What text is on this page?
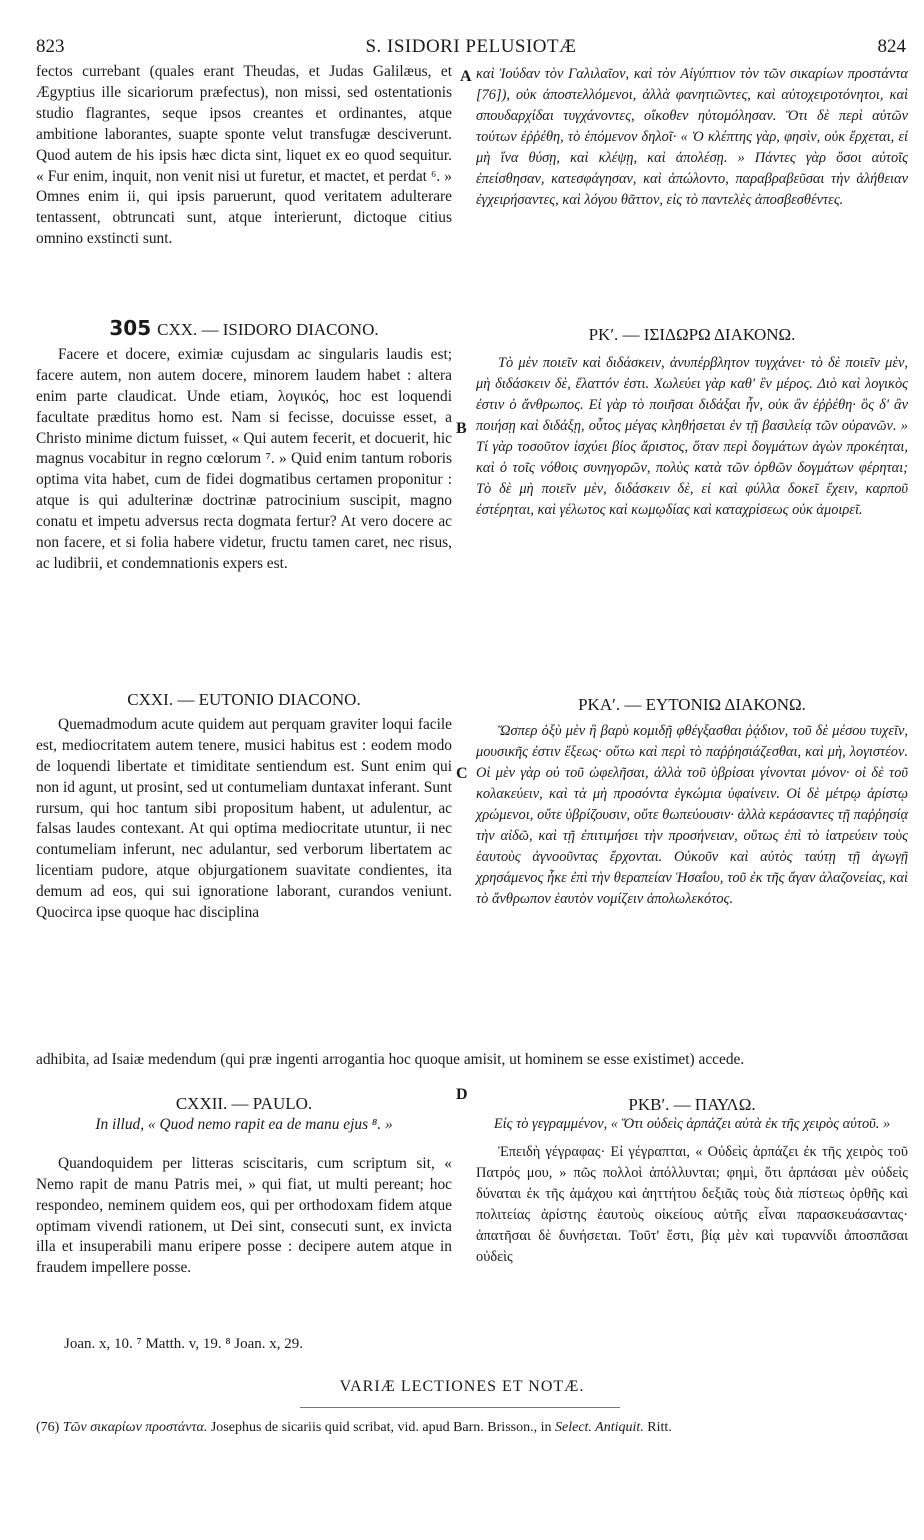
823	S. ISIDORI PELUSIOTÆ	824
A
B
C
D

fectos currebant (quales erant Theudas, et Judas Galilæus, et Ægyptius ille sicariorum præfectus), non missi, sed ostentationis studio flagrantes, seque ipsos creantes et ordinantes, atque ambitione laborantes, suapte sponte velut transfugæ desciverunt. Quod autem de his ipsis hæc dicta sint, liquet ex eo quod sequitur. « Fur enim, inquit, non venit nisi ut furetur, et mactet, et perdat ⁶. » Omnes enim ii, qui ipsis paruerunt, quod veritatem adulterare tentassent, obtruncati sunt, atque interierunt, dictoque citius omnino exstincti sunt.

καὶ Ἰούδαν τὸν Γαλιλαῖον, καὶ τὸν Αἰγύπτιον τὸν τῶν σικαρίων προστάντα [76]), οὐκ ἀποστελλόμενοι, ἀλλὰ φανητιῶντες, καὶ αὐτοχειροτόνητοι, καὶ σπουδαρχίδαι τυγχάνοντες, οἴκοθεν ηὐτομόλησαν. Ὅτι δὲ περὶ αὐτῶν τούτων ἐῤῥέθη, τὸ ἑπόμενον δηλοῖ· « Ὁ κλέπτης γὰρ, φησὶν, οὐκ ἔρχεται, εἰ μὴ ἵνα θύσῃ, καὶ κλέψῃ, καὶ ἀπολέσῃ. » Πάντες γὰρ ὅσοι αὐτοῖς ἐπείσθησαν, κατεσφάγησαν, καὶ ἀπώλοντο, παραβραβεῦσαι τὴν ἀλήθειαν ἐγχειρήσαντες, καὶ λόγου θᾶττον, εἰς τὸ παντελὲς ἀποσβεσθέντες.

305 CXX. — ISIDORO DIACONO.

Facere et docere, eximiæ cujusdam ac singularis laudis est; facere autem, non autem docere, minorem laudem habet : altera enim parte claudicat. Unde etiam, λογικός, hoc est loquendi facultate præditus homo est. Nam si fecisse, docuisse esset, a Christo minime dictum fuisset, « Qui autem fecerit, et docuerit, hic magnus vocabitur in regno cœlorum ⁷. » Quid enim tantum roboris optima vita habet, cum de fidei dogmatibus certamen proponitur : atque is qui adulterinæ doctrinæ patrocinium suscipit, magno conatu et impetu adversus recta dogmata fertur? At vero docere ac non facere, et si folia habere videtur, fructu tamen caret, nec risus, ac ludibrii, et condemnationis expers est.

ΡΚʹ. — ΙΣΙΔΩΡΩ ΔΙΑΚΟΝΩ.

Τὸ μὲν ποιεῖν καὶ διδάσκειν, ἀνυπέρβλητον τυγχάνει· τὸ δὲ ποιεῖν μὲν, μὴ διδάσκειν δὲ, ἔλαττόν ἐστι. Χωλεύει γὰρ καθ' ἓν μέρος. Διὸ καὶ λογικὸς ἐστιν ὁ ἄνθρωπος. Εἰ γὰρ τὸ ποιῆσαι διδάξαι ἦν, οὐκ ἂν ἐῤῥέθη· ὃς δ' ἂν ποιήσῃ καὶ διδάξῃ, οὗτος μέγας κληθήσεται ἐν τῇ βασιλείᾳ τῶν οὐρανῶν. » Τί γὰρ τοσοῦτον ἰσχύει βίος ἄριστος, ὅταν περὶ δογμάτων ἀγὼν προκέηται, καὶ ὁ τοῖς νόθοις συνηγορῶν, πολὺς κατὰ τῶν ὀρθῶν δογμάτων φέρηται; Τὸ δὲ μὴ ποιεῖν μὲν, διδάσκειν δὲ, εἰ καὶ φύλλα δοκεῖ ἔχειν, καρποῦ ἐστέρηται, καὶ γέλωτος καὶ κωμῳδίας καὶ καταχρίσεως οὐκ ἀμοιρεῖ.

CXXI. — EUTONIO DIACONO.

Quemadmodum acute quidem aut perquam graviter loqui facile est, mediocritatem autem tenere, musici habitus est : eodem modo de loquendi libertate et timiditate sentiendum est. Sunt enim qui non id agunt, ut prosint, sed ut contumeliam duntaxat inferant. Sunt rursum, qui hoc tantum sibi propositum habent, ut adulentur, ac falsas laudes contexant. At qui optima mediocritate utuntur, ii nec contumeliam inferunt, nec adulantur, sed verborum libertatem ac licentiam pudore, atque objurgationem suavitate condientes, ita demum ad eos, qui sui ignoratione laborant, curandos veniunt. Quocirca ipse quoque hac disciplina

ΡΚΑʹ. — ΕΥΤΟΝΙΩ ΔΙΑΚΟΝΩ.

Ὥσπερ ὀξὺ μὲν ἢ βαρὺ κομιδῇ φθέγξασθαι ῥᾴδιον, τοῦ δὲ μέσου τυχεῖν, μουσικῆς ἐστιν ἕξεως· οὕτω καὶ περὶ τὸ παῤῥησιάζεσθαι, καὶ μὴ, λογιστέον. Οἱ μὲν γὰρ οὐ τοῦ ὠφελῆσαι, ἀλλὰ τοῦ ὑβρίσαι γίνονται μόνον· οἱ δὲ τοῦ κολακεύειν, καὶ τὰ μὴ προσόντα ἐγκώμια ὑφαίνειν. Οἱ δὲ μέτρῳ ἀρίστῳ χρώμενοι, οὔτε ὑβρίζουσιν, οὔτε θωπεύουσιν· ἀλλὰ κεράσαντες τῇ παῤῥησίᾳ τὴν αἰδῶ, καὶ τῇ ἐπιτιμήσει τὴν προσήνειαν, οὕτως ἐπὶ τὸ ἰατρεύειν τοὺς ἑαυτοὺς ἀγνοοῦντας ἔρχονται. Οὐκοῦν καὶ αὐτὸς ταύτῃ τῇ ἀγωγῇ χρησάμενος ἧκε ἐπὶ τὴν θεραπείαν Ἡσαΐου, τοῦ ἐκ τῆς ἄγαν ἀλαζονείας, καὶ τὸ ἄνθρωπον ἑαυτὸν νομίζειν ἀπολωλεκότος.

adhibita, ad Isaiæ medendum (qui præ ingenti arrogantia hoc quoque amisit, ut hominem se esse existimet) accede.
CXXII. — PAULO.
In illud, « Quod nemo rapit ea de manu ejus ⁸. »

Quandoquidem per litteras sciscitaris, cum scriptum sit, « Nemo rapit de manu Patris mei, » qui fiat, ut multi pereant; hoc respondeo, neminem quidem eos, qui per orthodoxam fidem atque optimam vivendi rationem, ut Dei sint, consecuti sunt, ex invicta illa et insuperabili manu eripere posse : decipere autem atque in fraudem impellere posse.

ΡΚΒʹ. — ΠΑΥΛΩ.
Εἰς τὸ γεγραμμένον, « Ὅτι οὐδεὶς ἁρπάζει αὐτὰ ἐκ τῆς χειρὸς αὐτοῦ. »

Ἐπειδὴ γέγραφας· Εἰ γέγραπται, « Οὐδεὶς ἁρπάζει ἐκ τῆς χειρὸς τοῦ Πατρός μου, » πῶς πολλοὶ ἀπόλλυνται; φημὶ, ὅτι ἁρπάσαι μὲν οὐδεὶς δύναται ἐκ τῆς ἀμάχου καὶ ἀηττήτου δεξιᾶς τοὺς διὰ πίστεως ὀρθῆς καὶ πολιτείας ἀρίστης ἑαυτοὺς οἰκείους αὐτῆς εἶναι παρασκευάσαντας· ἀπατῆσαι δὲ δυνήσεται. Τοῦτ' ἔστι, βίᾳ μὲν καὶ τυραννίδι ἀποσπᾶσαι οὐδεὶς

Joan. x, 10. ⁷ Matth. v, 19. ⁸ Joan. x, 29.
VARIÆ LECTIONES ET NOTÆ.
(76) Τῶν σικαρίων προστάντα. Josephus de sicariis quid scribat, vid. apud Barn. Brisson., in Select. Antiquit. Ritt.
